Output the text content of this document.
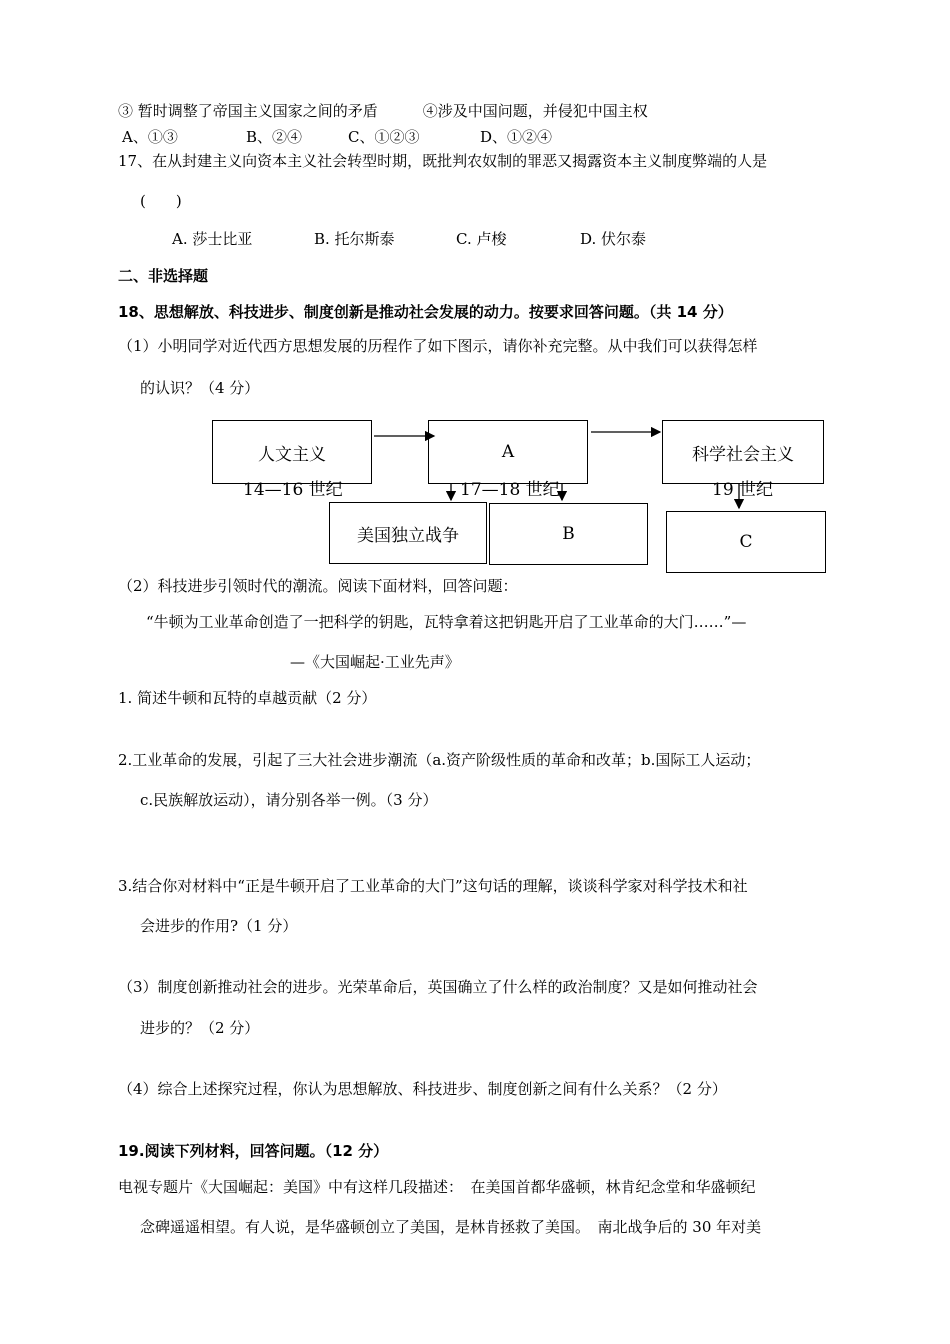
③ 暂时调整了帝国主义国家之间的矛盾　　　④涉及中国问题，并侵犯中国主权
A、①③	B、②④	C、①②③	D、①②④
17、在从封建主义向资本主义社会转型时期，既批判农奴制的罪恶又揭露资本主义制度弊端的人是
(　　)
A. 莎士比亚	B. 托尔斯泰	C. 卢梭	D. 伏尔泰
二、非选择题
18、思想解放、科技进步、制度创新是推动社会发展的动力。按要求回答问题。（共 14 分）
（1）小明同学对近代西方思想发展的历程作了如下图示，请你补充完整。从中我们可以获得怎样
的认识？（4 分）
人文主义	A	科学社会主义
美国独立战争	B	C
14—16 世纪	17—18 世纪	19 世纪
（2）科技进步引领时代的潮流。阅读下面材料，回答问题：
“牛顿为工业革命创造了一把科学的钥匙，瓦特拿着这把钥匙开启了工业革命的大门……”—
—《大国崛起·工业先声》
1. 简述牛顿和瓦特的卓越贡献（2 分）
2.工业革命的发展，引起了三大社会进步潮流（a.资产阶级性质的革命和改革；b.国际工人运动；
c.民族解放运动），请分别各举一例。（3 分）
3.结合你对材料中“正是牛顿开启了工业革命的大门”这句话的理解，谈谈科学家对科学技术和社
会进步的作用?（1 分）
（3）制度创新推动社会的进步。光荣革命后，英国确立了什么样的政治制度？又是如何推动社会
进步的？（2 分）
（4）综合上述探究过程，你认为思想解放、科技进步、制度创新之间有什么关系？（2 分）
19.阅读下列材料，回答问题。（12 分）
电视专题片《大国崛起：美国》中有这样几段描述：　在美国首都华盛顿，林肯纪念堂和华盛顿纪
念碑遥遥相望。有人说，是华盛顿创立了美国，是林肯拯救了美国。　南北战争后的 30 年对美
